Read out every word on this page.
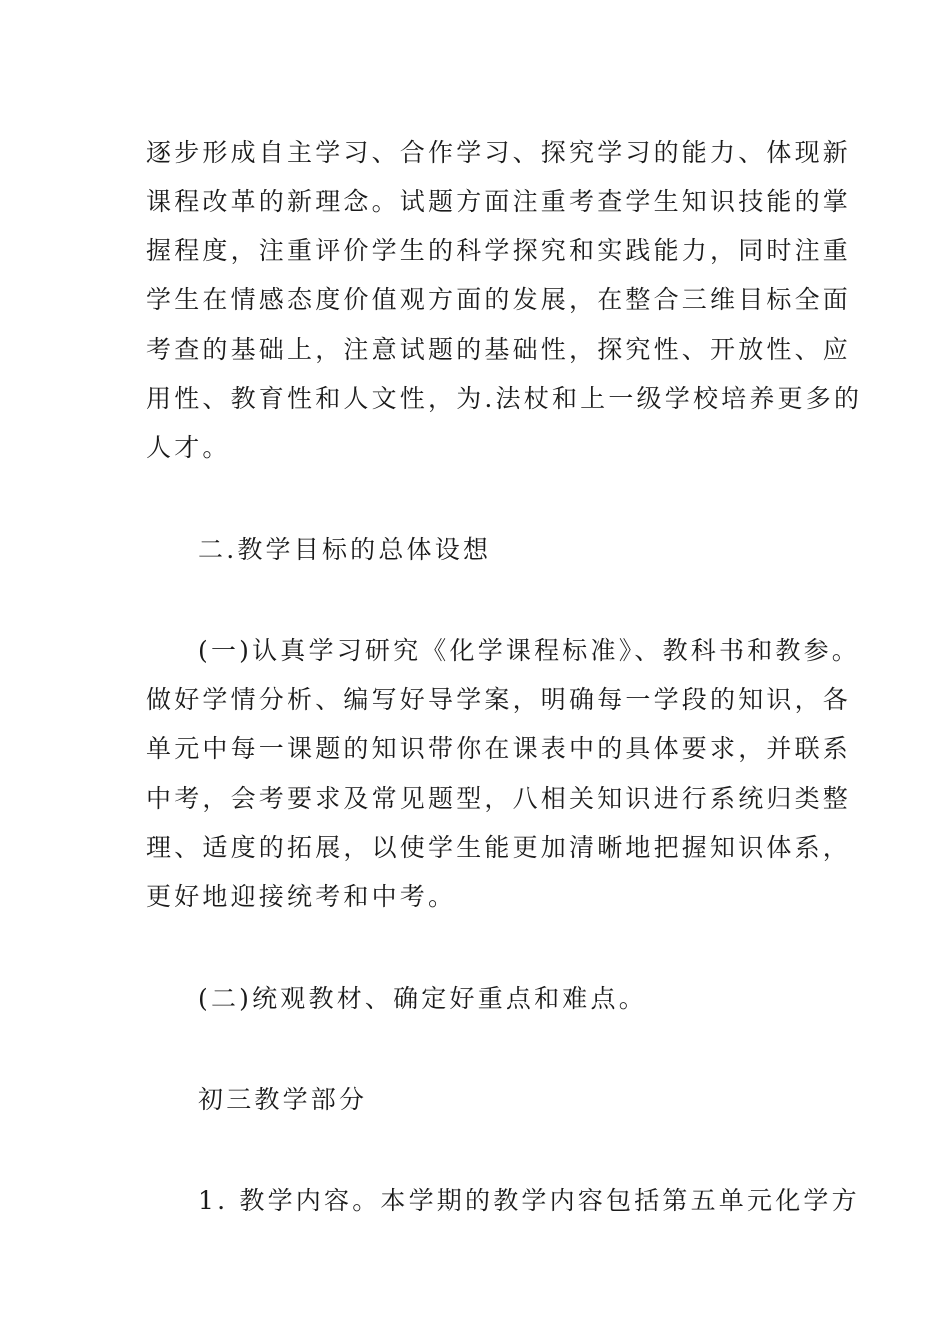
逐步形成自主学习、合作学习、探究学习的能力、体现新
课程改革的新理念。试题方面注重考查学生知识技能的掌
握程度，注重评价学生的科学探究和实践能力，同时注重
学生在情感态度价值观方面的发展，在整合三维目标全面
考查的基础上，注意试题的基础性，探究性、开放性、应
用性、教育性和人文性，为.法杖和上一级学校培养更多的
人才。
二.教学目标的总体设想
(一)认真学习研究《化学课程标准》、教科书和教参。
做好学情分析、编写好导学案，明确每一学段的知识，各
单元中每一课题的知识带你在课表中的具体要求，并联系
中考，会考要求及常见题型，八相关知识进行系统归类整
理、适度的拓展，以使学生能更加清晰地把握知识体系，
更好地迎接统考和中考。
(二)统观教材、确定好重点和难点。
初三教学部分
1. 教学内容。本学期的教学内容包括第五单元化学方
